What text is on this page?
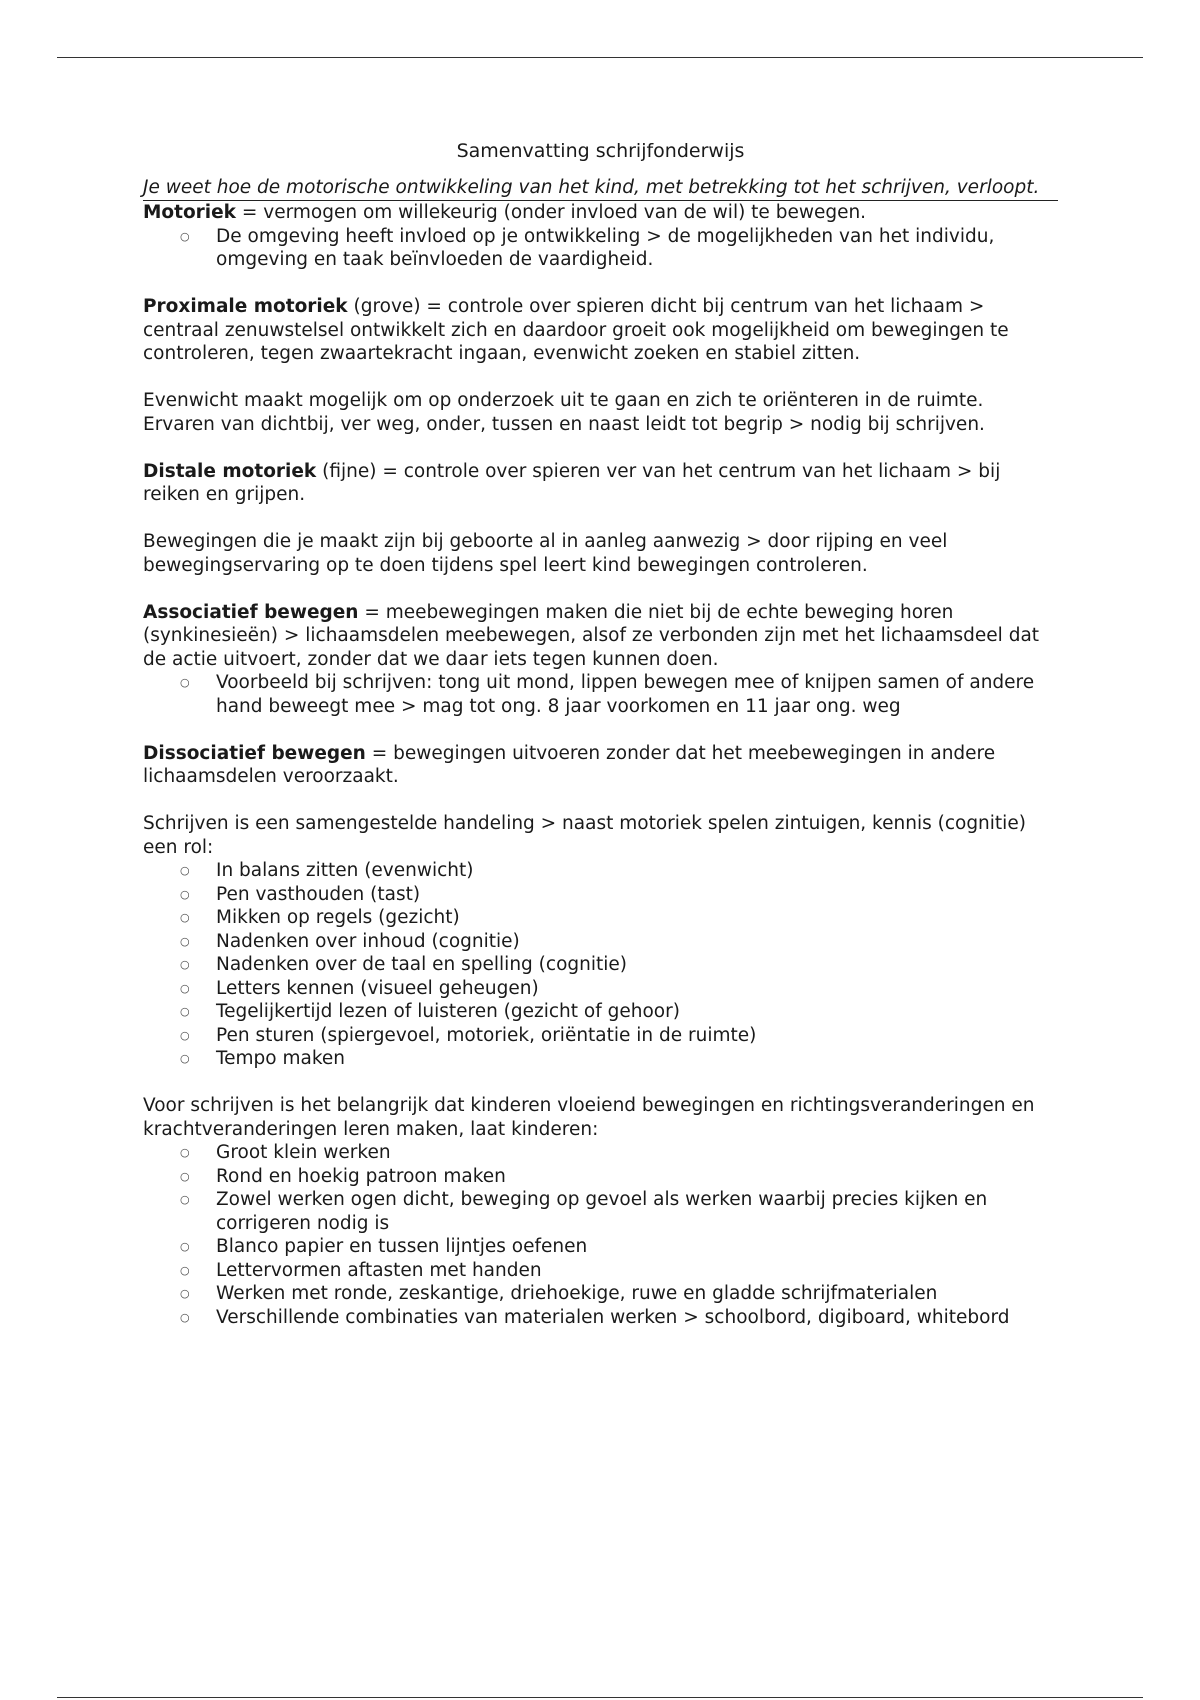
Samenvatting schrijfonderwijs

Je weet hoe de motorische ontwikkeling van het kind, met betrekking tot het schrijven, verloopt.

Motoriek = vermogen om willekeurig (onder invloed van de wil) te bewegen.

○ De omgeving heeft invloed op je ontwikkeling > de mogelijkheden van het individu, omgeving en taak beïnvloeden de vaardigheid.

Proximale motoriek (grove) = controle over spieren dicht bij centrum van het lichaam > centraal zenuwstelsel ontwikkelt zich en daardoor groeit ook mogelijkheid om bewegingen te controleren, tegen zwaartekracht ingaan, evenwicht zoeken en stabiel zitten.

Evenwicht maakt mogelijk om op onderzoek uit te gaan en zich te oriënteren in de ruimte.

Ervaren van dichtbij, ver weg, onder, tussen en naast leidt tot begrip > nodig bij schrijven.

Distale motoriek (fijne) = controle over spieren ver van het centrum van het lichaam > bij reiken en grijpen.

Bewegingen die je maakt zijn bij geboorte al in aanleg aanwezig > door rijping en veel bewegingservaring op te doen tijdens spel leert kind bewegingen controleren.

Associatief bewegen = meebewegingen maken die niet bij de echte beweging horen (synkinesieën) > lichaamsdelen meebewegen, alsof ze verbonden zijn met het lichaamsdeel dat de actie uitvoert, zonder dat we daar iets tegen kunnen doen.

○ Voorbeeld bij schrijven: tong uit mond, lippen bewegen mee of knijpen samen of andere hand beweegt mee > mag tot ong. 8 jaar voorkomen en 11 jaar ong. weg

Dissociatief bewegen = bewegingen uitvoeren zonder dat het meebewegingen in andere lichaamsdelen veroorzaakt.

Schrijven is een samengestelde handeling > naast motoriek spelen zintuigen, kennis (cognitie) een rol:

○ In balans zitten (evenwicht)
○ Pen vasthouden (tast)
○ Mikken op regels (gezicht)
○ Nadenken over inhoud (cognitie)
○ Nadenken over de taal en spelling (cognitie)
○ Letters kennen (visueel geheugen)
○ Tegelijkertijd lezen of luisteren (gezicht of gehoor)
○ Pen sturen (spiergevoel, motoriek, oriëntatie in de ruimte)
○ Tempo maken

Voor schrijven is het belangrijk dat kinderen vloeiend bewegingen en richtingsveranderingen en krachtveranderingen leren maken, laat kinderen:

○ Groot klein werken
○ Rond en hoekig patroon maken
○ Zowel werken ogen dicht, beweging op gevoel als werken waarbij precies kijken en corrigeren nodig is
○ Blanco papier en tussen lijntjes oefenen
○ Lettervormen aftasten met handen
○ Werken met ronde, zeskantige, driehoekige, ruwe en gladde schrijfmaterialen
○ Verschillende combinaties van materialen werken > schoolbord, digiboard, whitebord
